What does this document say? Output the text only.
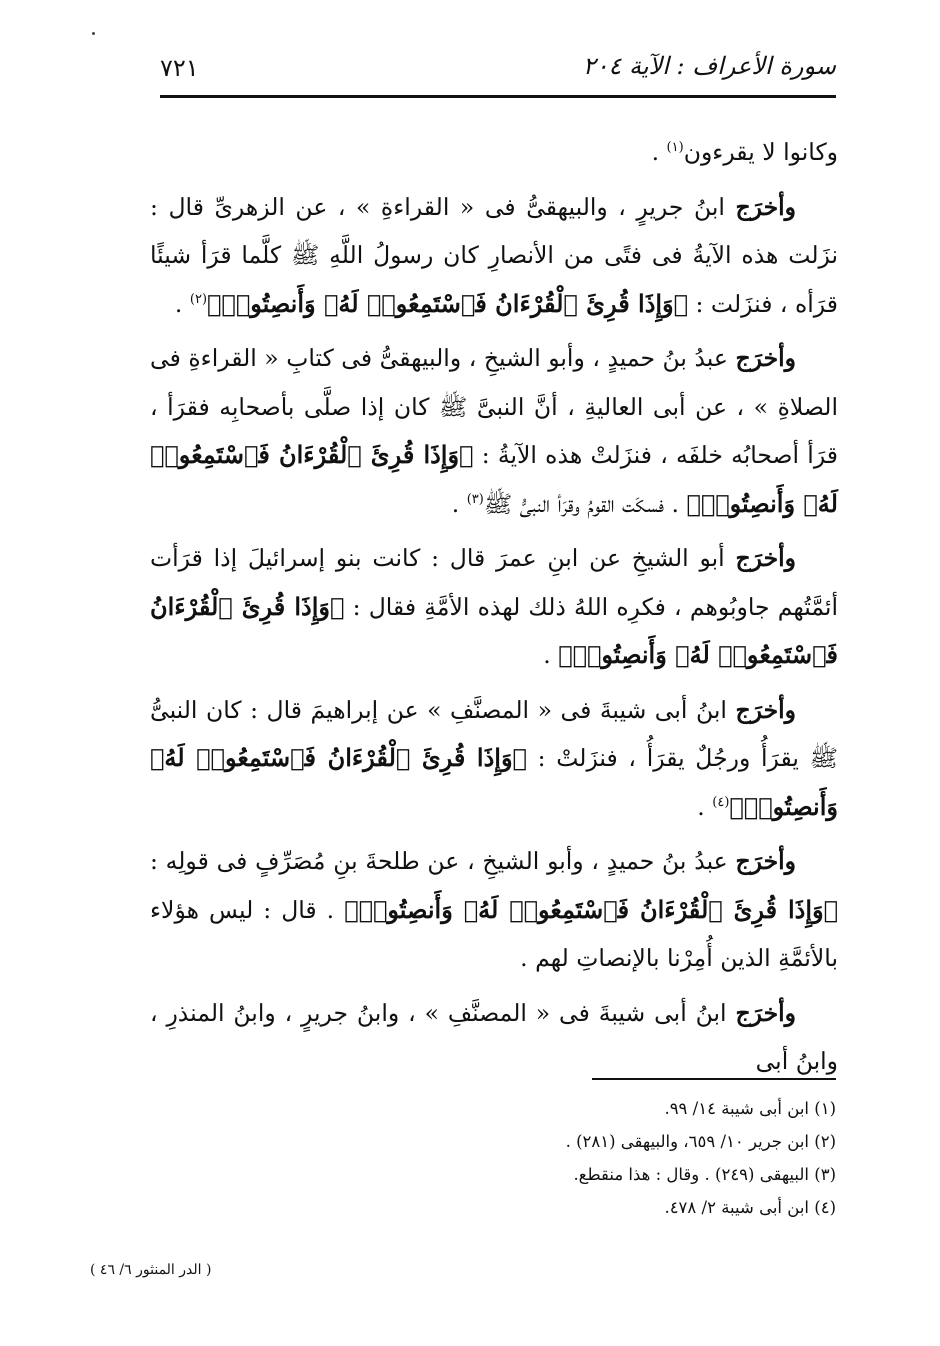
٧٢١	سورة الأعراف : الآية ٢٠٤

وكانوا لا يقرءون$^{(١)}$ .

وأخرَج ابنُ جريرٍ ، والبيهقىُّ فى « القراءةِ » ، عن الزهرىِّ قال : نزَلت هذه الآيةُ فى فتًى من الأنصارِ كان رسولُ اللَّهِ ﷺ كلَّما قرَأ شيئًا قرَأه ، فنزَلت : ﴿وَإِذَا قُرِئَ ٱلْقُرْءَانُ فَٱسْتَمِعُوا۟ لَهُۥ وَأَنصِتُوا۟﴾$^{(٢)}$ .

وأخرَج عبدُ بنُ حميدٍ ، وأبو الشيخِ ، والبيهقىُّ فى كتابِ « القراءةِ فى الصلاةِ » ، عن أبى العاليةِ ، أنَّ النبىَّ ﷺ كان إذا صلَّى بأصحابِه فقرَأ ، قرَأ أصحابُه خلفَه ، فنزَلتْ هذه الآيةُ : ﴿وَإِذَا قُرِئَ ٱلْقُرْءَانُ فَٱسْتَمِعُوا۟ لَهُۥ وَأَنصِتُوا۟﴾ . فسكَت القومُ وقرَأ النبىُّ ﷺ$^{(٣)}$ .

وأخرَج أبو الشيخِ عن ابنِ عمرَ قال : كانت بنو إسرائيلَ إذا قرَأت أئمَّتُهم جاوبُوهم ، فكرِه اللهُ ذلك لهذه الأمَّةِ فقال : ﴿وَإِذَا قُرِئَ ٱلْقُرْءَانُ فَٱسْتَمِعُوا۟ لَهُۥ وَأَنصِتُوا۟﴾ .

وأخرَج ابنُ أبى شيبةَ فى « المصنَّفِ » عن إبراهيمَ قال : كان النبىُّ ﷺ يقرَأُ ورجُلٌ يقرَأُ ، فنزَلتْ : ﴿وَإِذَا قُرِئَ ٱلْقُرْءَانُ فَٱسْتَمِعُوا۟ لَهُۥ وَأَنصِتُوا۟﴾$^{(٤)}$ .

وأخرَج عبدُ بنُ حميدٍ ، وأبو الشيخِ ، عن طلحةَ بنِ مُصَرِّفٍ فى قولِه : ﴿وَإِذَا قُرِئَ ٱلْقُرْءَانُ فَٱسْتَمِعُوا۟ لَهُۥ وَأَنصِتُوا۟﴾ . قال : ليس هؤلاء بالأئمَّةِ الذين أُمِرْنا بالإنصاتِ لهم .

وأخرَج ابنُ أبى شيبةَ فى « المصنَّفِ » ، وابنُ جريرٍ ، وابنُ المنذرِ ، وابنُ أبى

(١) ابن أبى شيبة ١٤/ ٩٩.

(٢) ابن جرير ١٠/ ٦٥٩، والبيهقى (٢٨١) .

(٣) البيهقى (٢٤٩) . وقال : هذا منقطع.

(٤) ابن أبى شيبة ٢/ ٤٧٨.

( الدر المنثور ٦/ ٤٦ )
